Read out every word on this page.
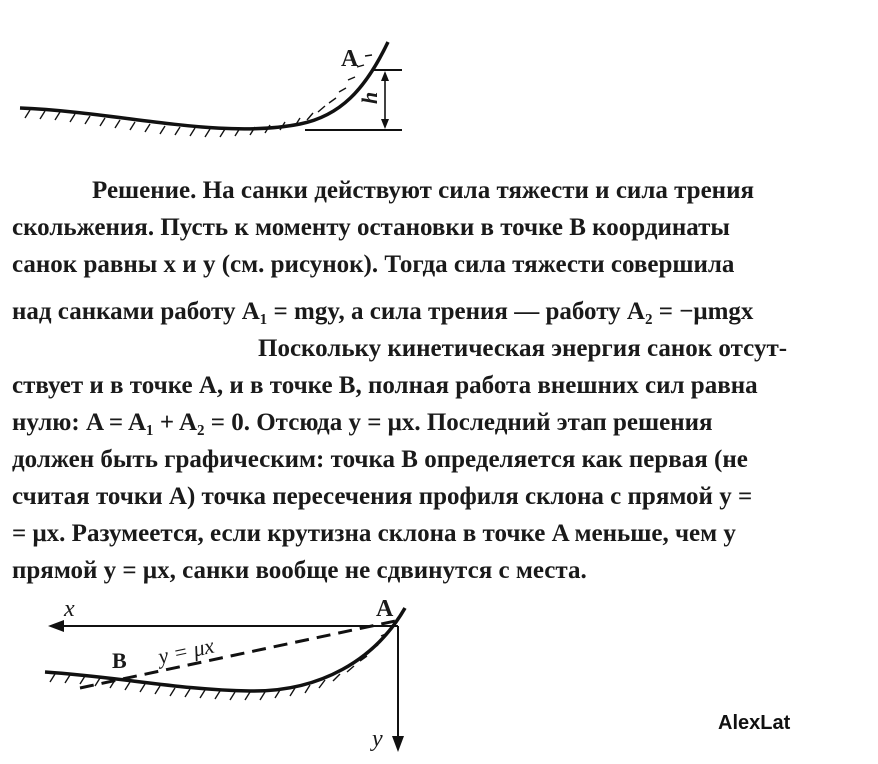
A
h
Решение. На санки действуют сила тяжести и сила трения
скольжения. Пусть к моменту остановки в точке B координаты
санок равны x и y (см. рисунок). Тогда сила тяжести совершила
над санками работу A₁ = mgy, а сила трения — работу A₂ = −μmgx
Поскольку кинетическая энергия санок отсут-
ствует и в точке A, и в точке B, полная работа внешних сил равна
нулю: A = A₁ + A₂ = 0. Отсюда y = μx. Последний этап решения
должен быть графическим: точка B определяется как первая (не
считая точки A) точка пересечения профиля склона с прямой y =
= μx. Разумеется, если крутизна склона в точке A меньше, чем у
прямой y = μx, санки вообще не сдвинутся с места.
x
y
A
B y = μx
AlexLat
